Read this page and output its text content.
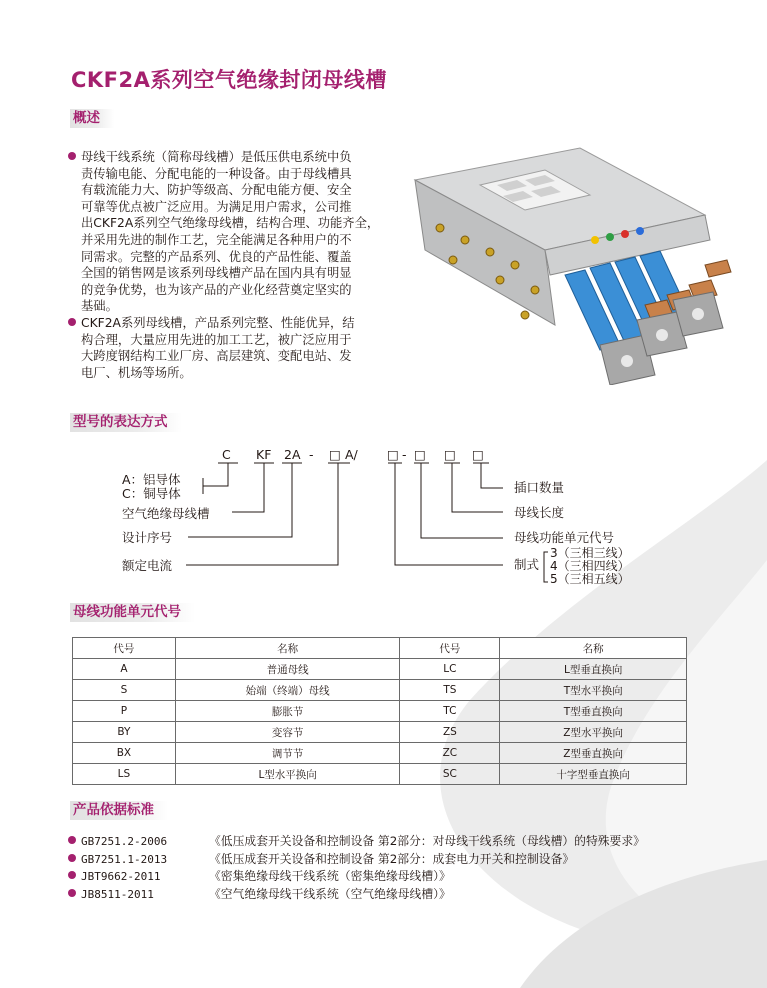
CKF2A系列空气绝缘封闭母线槽
概述
母线干线系统（简称母线槽）是低压供电系统中负
责传输电能、分配电能的一种设备。由于母线槽具
有载流能力大、防护等级高、分配电能方便、安全
可靠等优点被广泛应用。为满足用户需求，公司推
出CKF2A系列空气绝缘母线槽，结构合理、功能齐全，
并采用先进的制作工艺，完全能满足各种用户的不
同需求。完整的产品系列、优良的产品性能、覆盖
全国的销售网是该系列母线槽产品在国内具有明显
的竞争优势，也为该产品的产业化经营奠定坚实的
基础。
CKF2A系列母线槽，产品系列完整、性能优异，结
构合理，大量应用先进的加工工艺，被广泛应用于
大跨度钢结构工业厂房、高层建筑、变配电站、发
电厂、机场等场所。
型号的表达方式
C KF 2A - □ A/ □ - □ □ □
A：铝导体
C：铜导体
空气绝缘母线槽
设计序号
额定电流
插口数量
母线长度
母线功能单元代号
制式
3（三相三线）
4（三相四线）
5（三相五线）
母线功能单元代号
代号	名称	代号	名称
A	普通母线	LC	L型垂直换向
S	始端（终端）母线	TS	T型水平换向
P	膨胀节	TC	T型垂直换向
BY	变容节	ZS	Z型水平换向
BX	调节节	ZC	Z型垂直换向
LS	L型水平换向	SC	十字型垂直换向
产品依据标准
GB7251.2-2006	《低压成套开关设备和控制设备 第2部分：对母线干线系统（母线槽）的特殊要求》
GB7251.1-2013	《低压成套开关设备和控制设备 第2部分：成套电力开关和控制设备》
JBT9662-2011	《密集绝缘母线干线系统（密集绝缘母线槽）》
JB8511-2011	《空气绝缘母线干线系统（空气绝缘母线槽）》
